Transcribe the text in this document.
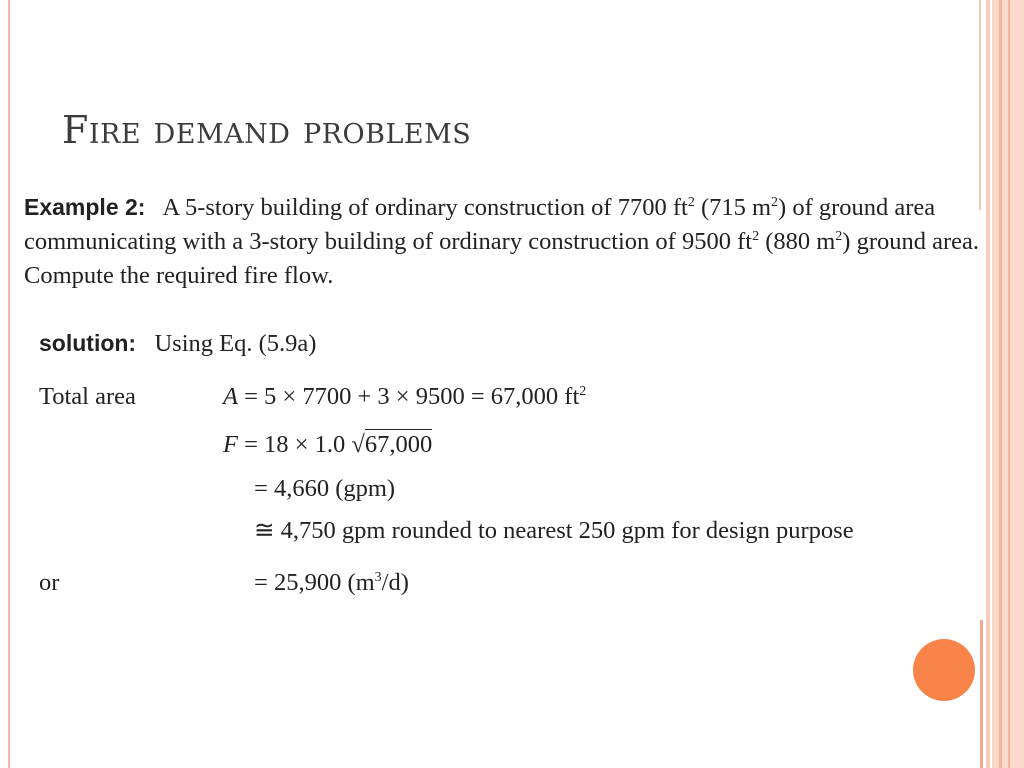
Fire demand problems

Example 2: A 5-story building of ordinary construction of 7700 $ft^2$ (715 $m^2$) of ground area communicating with a 3-story building of ordinary construction of 9500 $ft^2$ (880 $m^2$) ground area. Compute the required fire flow.

solution: Using Eq. (5.9a)
Total area	A = 5 × 7700 + 3 × 9500 = 67,000 $ft^2$
F = 18 × 1.0 √67,000
= 4,660 (gpm)
≅ 4,750 gpm rounded to nearest 250 gpm for design purpose
or	= 25,900 $(m^3/d)$
